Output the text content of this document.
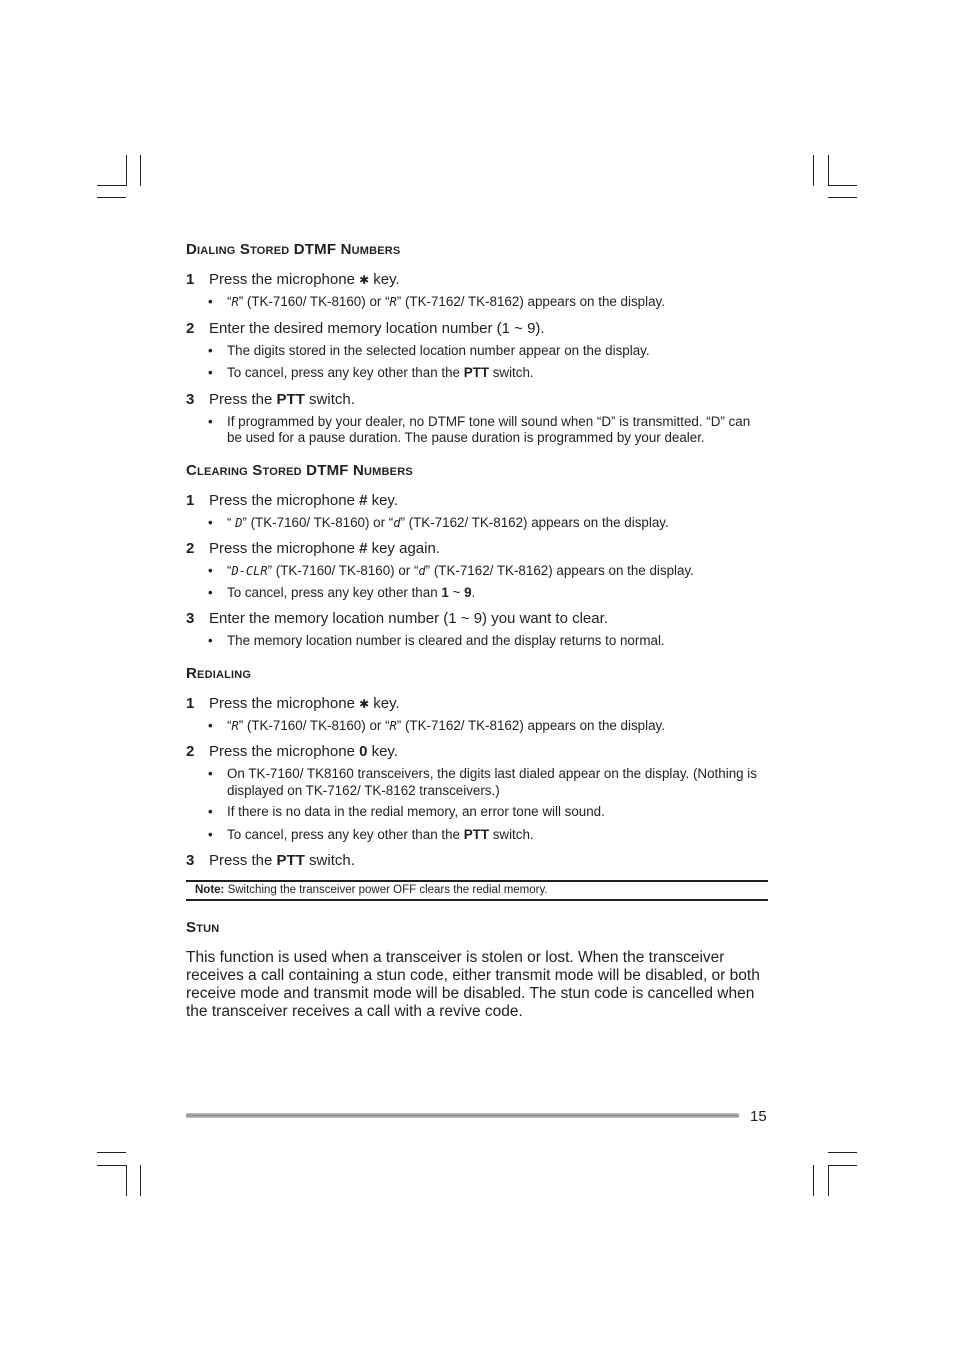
Dialing Stored DTMF Numbers

1 Press the microphone ✱ key.

• “R” (TK-7160/ TK-8160) or “R” (TK-7162/ TK-8162) appears on the display.

2 Enter the desired memory location number (1 ~ 9).

• The digits stored in the selected location number appear on the display.

• To cancel, press any key other than the PTT switch.

3 Press the PTT switch.

• If programmed by your dealer, no DTMF tone will sound when “D” is transmitted. “D” can be used for a pause duration. The pause duration is programmed by your dealer.

Clearing Stored DTMF Numbers

1 Press the microphone # key.

• “ D” (TK-7160/ TK-8160) or “d” (TK-7162/ TK-8162) appears on the display.

2 Press the microphone # key again.

• “D-CLR” (TK-7160/ TK-8160) or “d” (TK-7162/ TK-8162) appears on the display.

• To cancel, press any key other than 1 ~ 9.

3 Enter the memory location number (1 ~ 9) you want to clear.

• The memory location number is cleared and the display returns to normal.

Redialing

1 Press the microphone ✱ key.

• “R” (TK-7160/ TK-8160) or “R” (TK-7162/ TK-8162) appears on the display.

2 Press the microphone 0 key.

• On TK-7160/ TK8160 transceivers, the digits last dialed appear on the display. (Nothing is displayed on TK-7162/ TK-8162 transceivers.)

• If there is no data in the redial memory, an error tone will sound.

• To cancel, press any key other than the PTT switch.

3 Press the PTT switch.

Note: Switching the transceiver power OFF clears the redial memory.
Stun

This function is used when a transceiver is stolen or lost. When the transceiver receives a call containing a stun code, either transmit mode will be disabled, or both receive mode and transmit mode will be disabled. The stun code is cancelled when the transceiver receives a call with a revive code.

15
